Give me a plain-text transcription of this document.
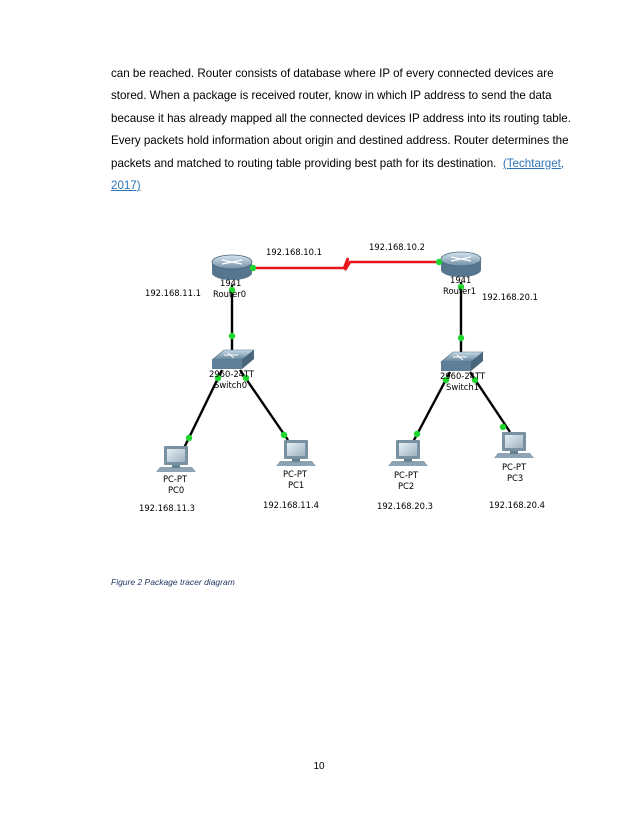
can be reached. Router consists of database where IP of every connected devices are
stored. When a package is received router, know in which IP address to send the data
because it has already mapped all the connected devices IP address into its routing table.
Every packets hold information about origin and destined address. Router determines the
packets and matched to routing table providing best path for its destination. (Techtarget,
2017)
192.168.10.1	192.168.10.2
1941
Router0
192.168.11.1
1941
Router1
192.168.20.1
2960-24TT
Switch0
2960-24TT
Switch1
PC-PT
PC0
192.168.11.3
PC-PT
PC1
192.168.11.4
PC-PT
PC2
192.168.20.3
PC-PT
PC3
192.168.20.4
Figure 2 Package tracer diagram
10
